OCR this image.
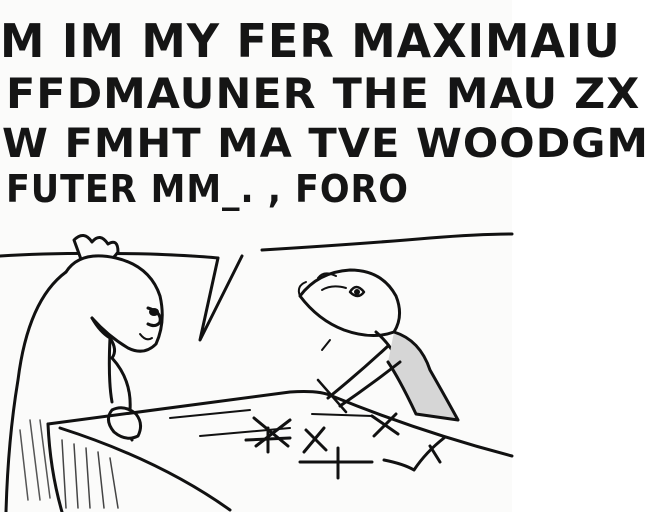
M IM MY FER MAXIMAIU

FFDMAUNER THE MAU ZX

W FMHT MA TVE WOODGM

FUTER MM_. , FORO
